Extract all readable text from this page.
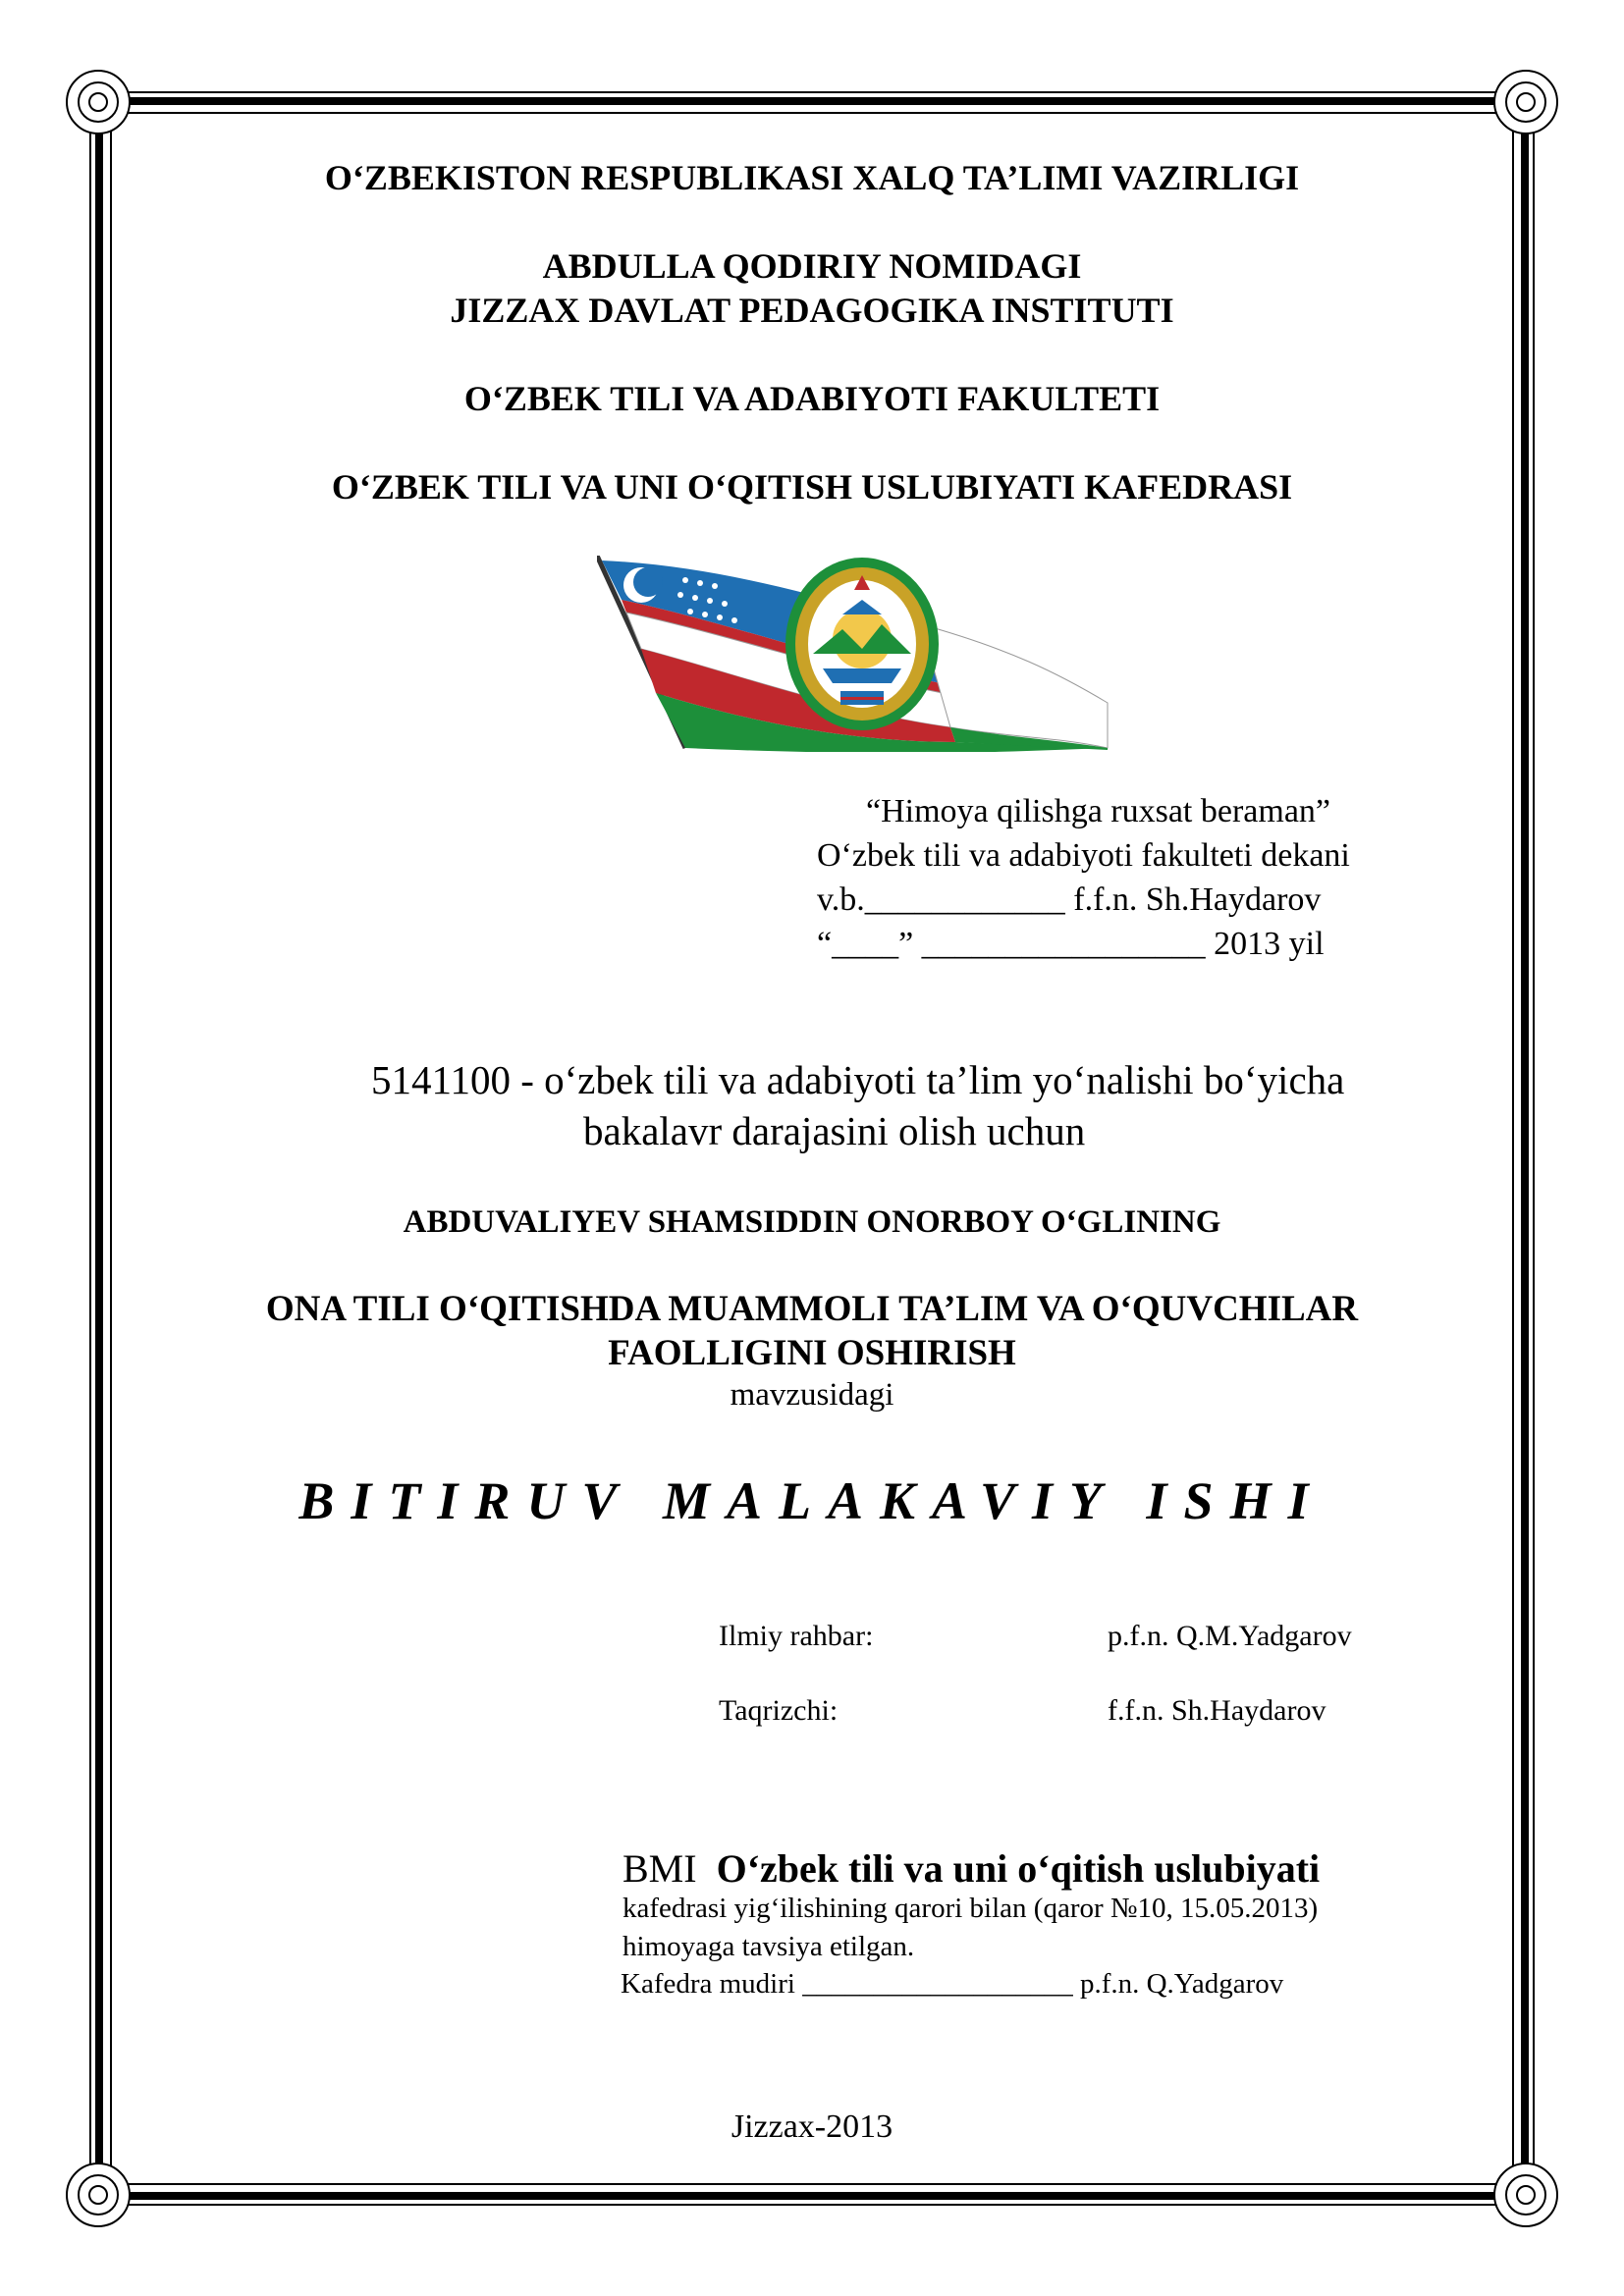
O‘ZBEKISTON RESPUBLIKASI XALQ TA’LIMI VAZIRLIGI
ABDULLA QODIRIY NOMIDAGI
JIZZAX DAVLAT PEDAGOGIKA INSTITUTI
O‘ZBEK TILI VA ADABIYOTI FAKULTETI
O‘ZBEK TILI VA UNI O‘QITISH USLUBIYATI KAFEDRASI
“Himoya qilishga ruxsat beraman”
O‘zbek tili va adabiyoti fakulteti dekani
v.b.____________ f.f.n. Sh.Haydarov
“____” _________________ 2013 yil
5141100 - o‘zbek tili va adabiyoti ta’lim yo‘nalishi bo‘yicha
bakalavr darajasini olish uchun
ABDUVALIYEV SHAMSIDDIN ONORBOY O‘GLINING
ONA TILI O‘QITISHDA MUAMMOLI TA’LIM VA O‘QUVCHILAR
FAOLLIGINI OSHIRISH
mavzusidagi
BITIRUV MALAKAVIY ISHI
Ilmiy rahbar:	p.f.n. Q.M.Yadgarov
Taqrizchi:	f.f.n. Sh.Haydarov
BMI O‘zbek tili va uni o‘qitish uslubiyati
kafedrasi yig‘ilishining qarori bilan (qaror №10, 15.05.2013)
himoyaga tavsiya etilgan.
Kafedra mudiri ___________________ p.f.n. Q.Yadgarov
Jizzax-2013
